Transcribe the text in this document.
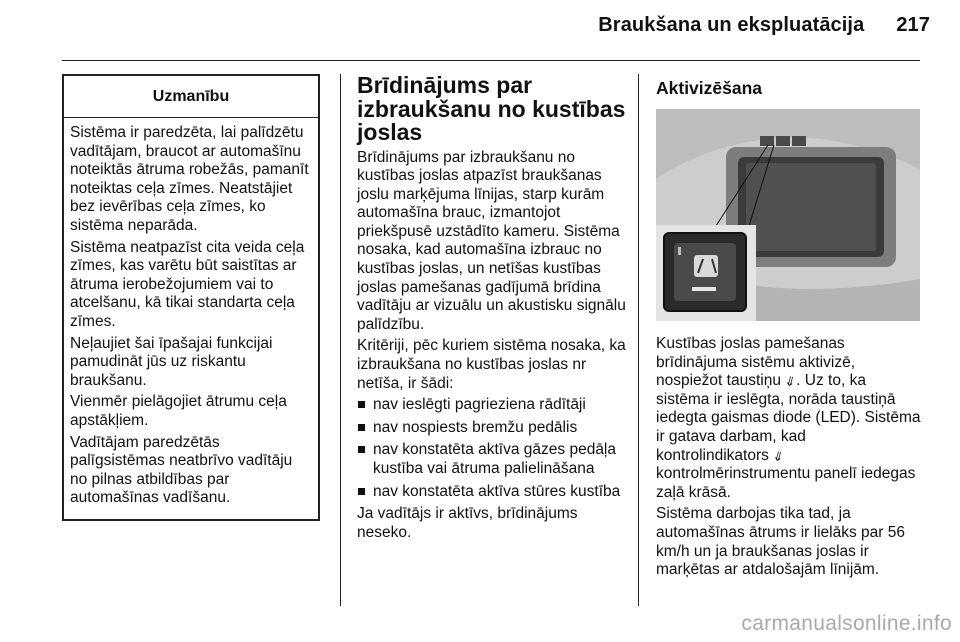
Braukšana un ekspluatācija 217
Uzmanību

Sistēma ir paredzēta, lai palīdzētu vadītājam, braucot ar automašīnu noteiktās ātruma robežās, pamanīt noteiktas ceļa zīmes. Neatstājiet bez ievērības ceļa zīmes, ko sistēma neparāda.

Sistēma neatpazīst cita veida ceļa zīmes, kas varētu būt saistītas ar ātruma ierobežojumiem vai to atcelšanu, kā tikai standarta ceļa zīmes.

Neļaujiet šai īpašajai funkcijai pamudināt jūs uz riskantu braukšanu.

Vienmēr pielāgojiet ātrumu ceļa apstākļiem.

Vadītājam paredzētās palīgsistēmas neatbrīvo vadītāju no pilnas atbildības par automašīnas vadīšanu.

Brīdinājums par izbraukšanu no kustības joslas

Brīdinājums par izbraukšanu no kustības joslas atpazīst braukšanas joslu marķējuma līnijas, starp kurām automašīna brauc, izmantojot priekšpusē uzstādīto kameru. Sistēma nosaka, kad automašīna izbrauc no kustības joslas, un netīšas kustības joslas pamešanas gadījumā brīdina vadītāju ar vizuālu un akustisku signālu palīdzību.

Kritēriji, pēc kuriem sistēma nosaka, ka izbraukšana no kustības joslas nr netīša, ir šādi:

nav ieslēgti pagrieziena rādītāji
nav nospiests bremžu pedālis
nav konstatēta aktīva gāzes pedāļa kustība vai ātruma palielināšana
nav konstatēta aktīva stūres kustība

Ja vadītājs ir aktīvs, brīdinājums neseko.

Aktivizēšana

Kustības joslas pamešanas brīdinājuma sistēmu aktivizē, nospiežot taustiņu ⇙. Uz to, ka sistēma ir ieslēgta, norāda taustiņā iedegta gaismas diode (LED). Sistēma ir gatava darbam, kad kontrolindikators ⇙ kontrolmērinstrumentu panelī iedegas zaļā krāsā.

Sistēma darbojas tika tad, ja automašīnas ātrums ir lielāks par 56 km/h un ja braukšanas joslas ir marķētas ar atdalošajām līnijām.

carmanualsonline.info
